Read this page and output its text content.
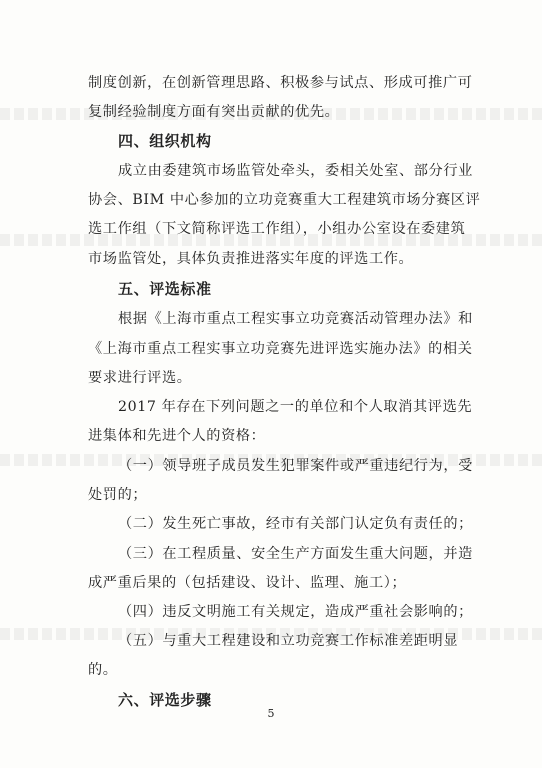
制度创新，在创新管理思路、积极参与试点、形成可推广可
复制经验制度方面有突出贡献的优先。
四、组织机构
成立由委建筑市场监管处牵头，委相关处室、部分行业
协会、BIM 中心参加的立功竞赛重大工程建筑市场分赛区评
选工作组（下文简称评选工作组），小组办公室设在委建筑
市场监管处，具体负责推进落实年度的评选工作。
五、评选标准
根据《上海市重点工程实事立功竞赛活动管理办法》和
《上海市重点工程实事立功竞赛先进评选实施办法》的相关
要求进行评选。
2017 年存在下列问题之一的单位和个人取消其评选先
进集体和先进个人的资格：
（一）领导班子成员发生犯罪案件或严重违纪行为，受
处罚的；
（二）发生死亡事故，经市有关部门认定负有责任的；
（三）在工程质量、安全生产方面发生重大问题，并造
成严重后果的（包括建设、设计、监理、施工）；
（四）违反文明施工有关规定，造成严重社会影响的；
（五）与重大工程建设和立功竞赛工作标准差距明显
的。
六、评选步骤
5
